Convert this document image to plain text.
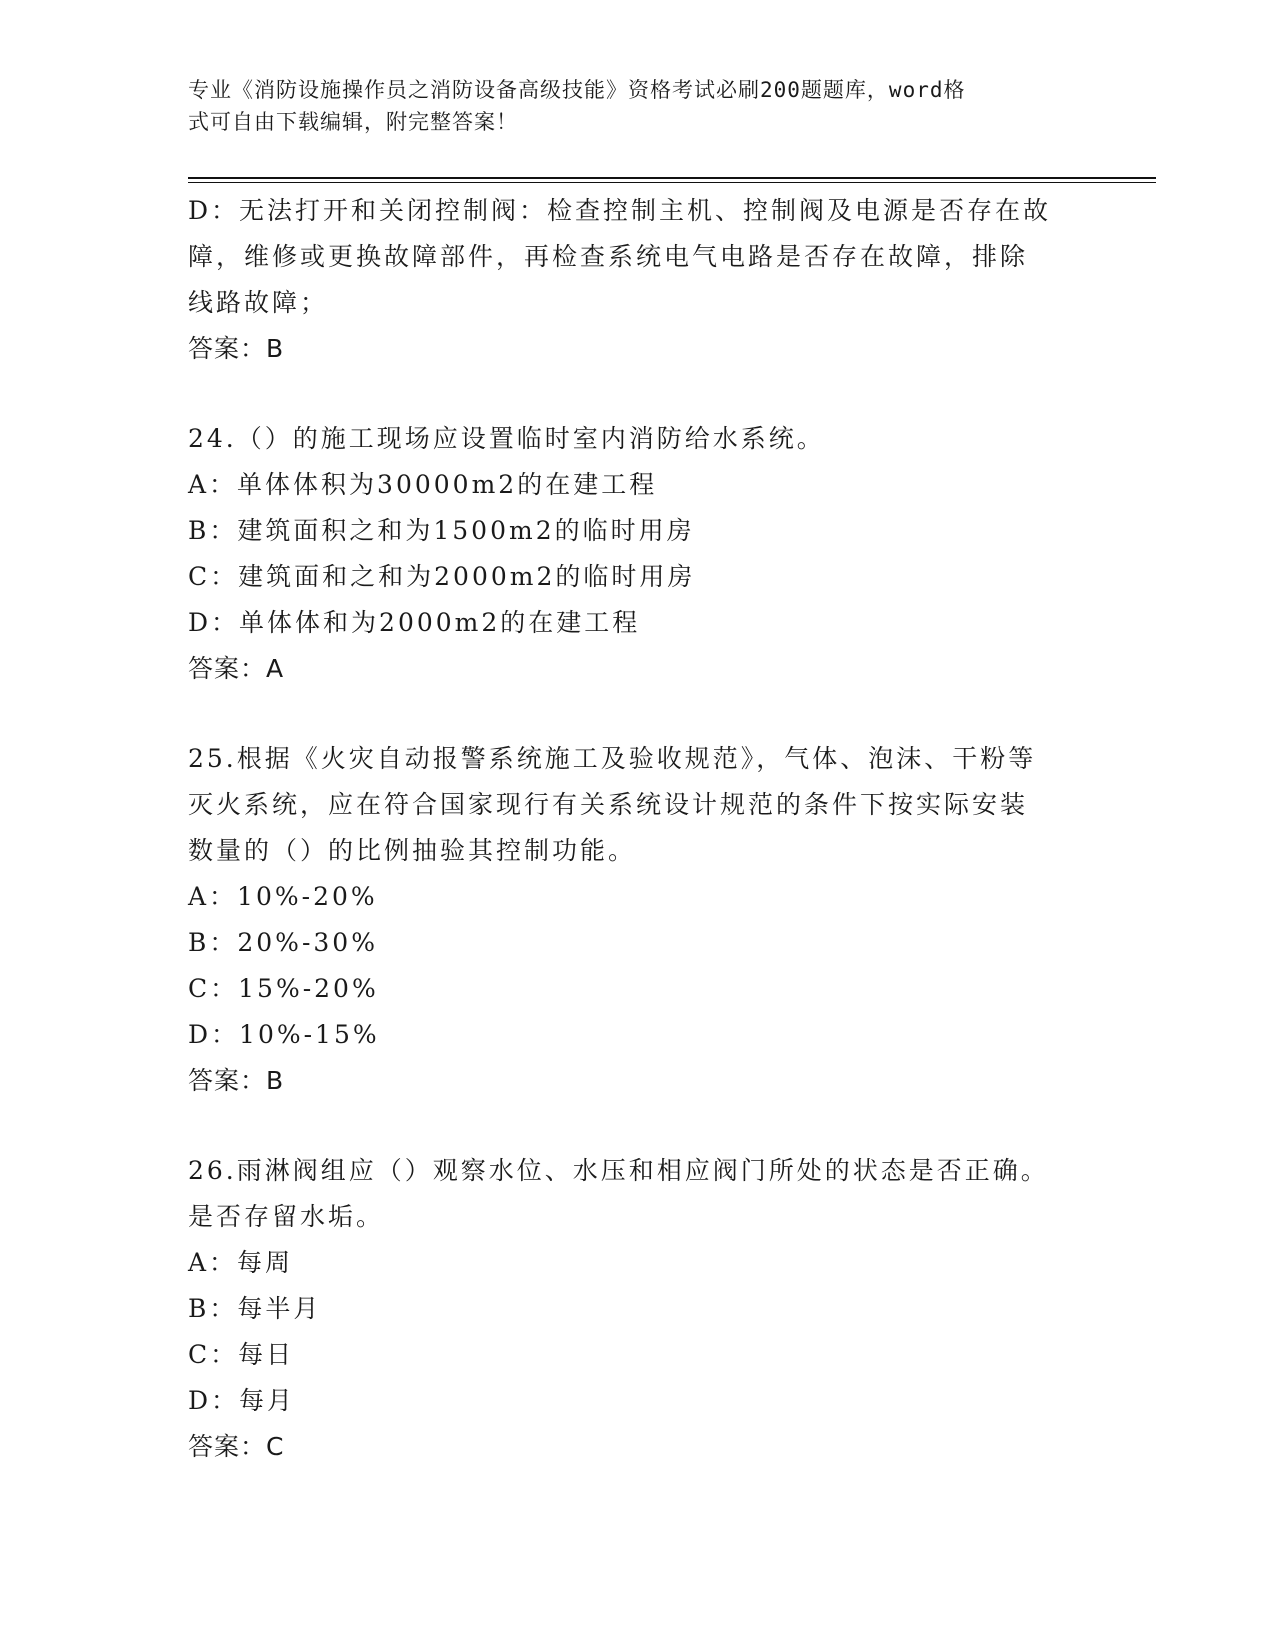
专业《消防设施操作员之消防设备高级技能》资格考试必刷200题题库，word格
式可自由下载编辑，附完整答案！
D：无法打开和关闭控制阀：检查控制主机、控制阀及电源是否存在故
障，维修或更换故障部件，再检查系统电气电路是否存在故障，排除
线路故障；
答案：B
24.（）的施工现场应设置临时室内消防给水系统。
A：单体体积为30000m2的在建工程
B：建筑面积之和为1500m2的临时用房
C：建筑面和之和为2000m2的临时用房
D：单体体和为2000m2的在建工程
答案：A
25.根据《火灾自动报警系统施工及验收规范》，气体、泡沫、干粉等
灭火系统，应在符合国家现行有关系统设计规范的条件下按实际安装
数量的（）的比例抽验其控制功能。
A：10%-20%
B：20%-30%
C：15%-20%
D：10%-15%
答案：B
26.雨淋阀组应（）观察水位、水压和相应阀门所处的状态是否正确。
是否存留水垢。
A：每周
B：每半月
C：每日
D：每月
答案：C
